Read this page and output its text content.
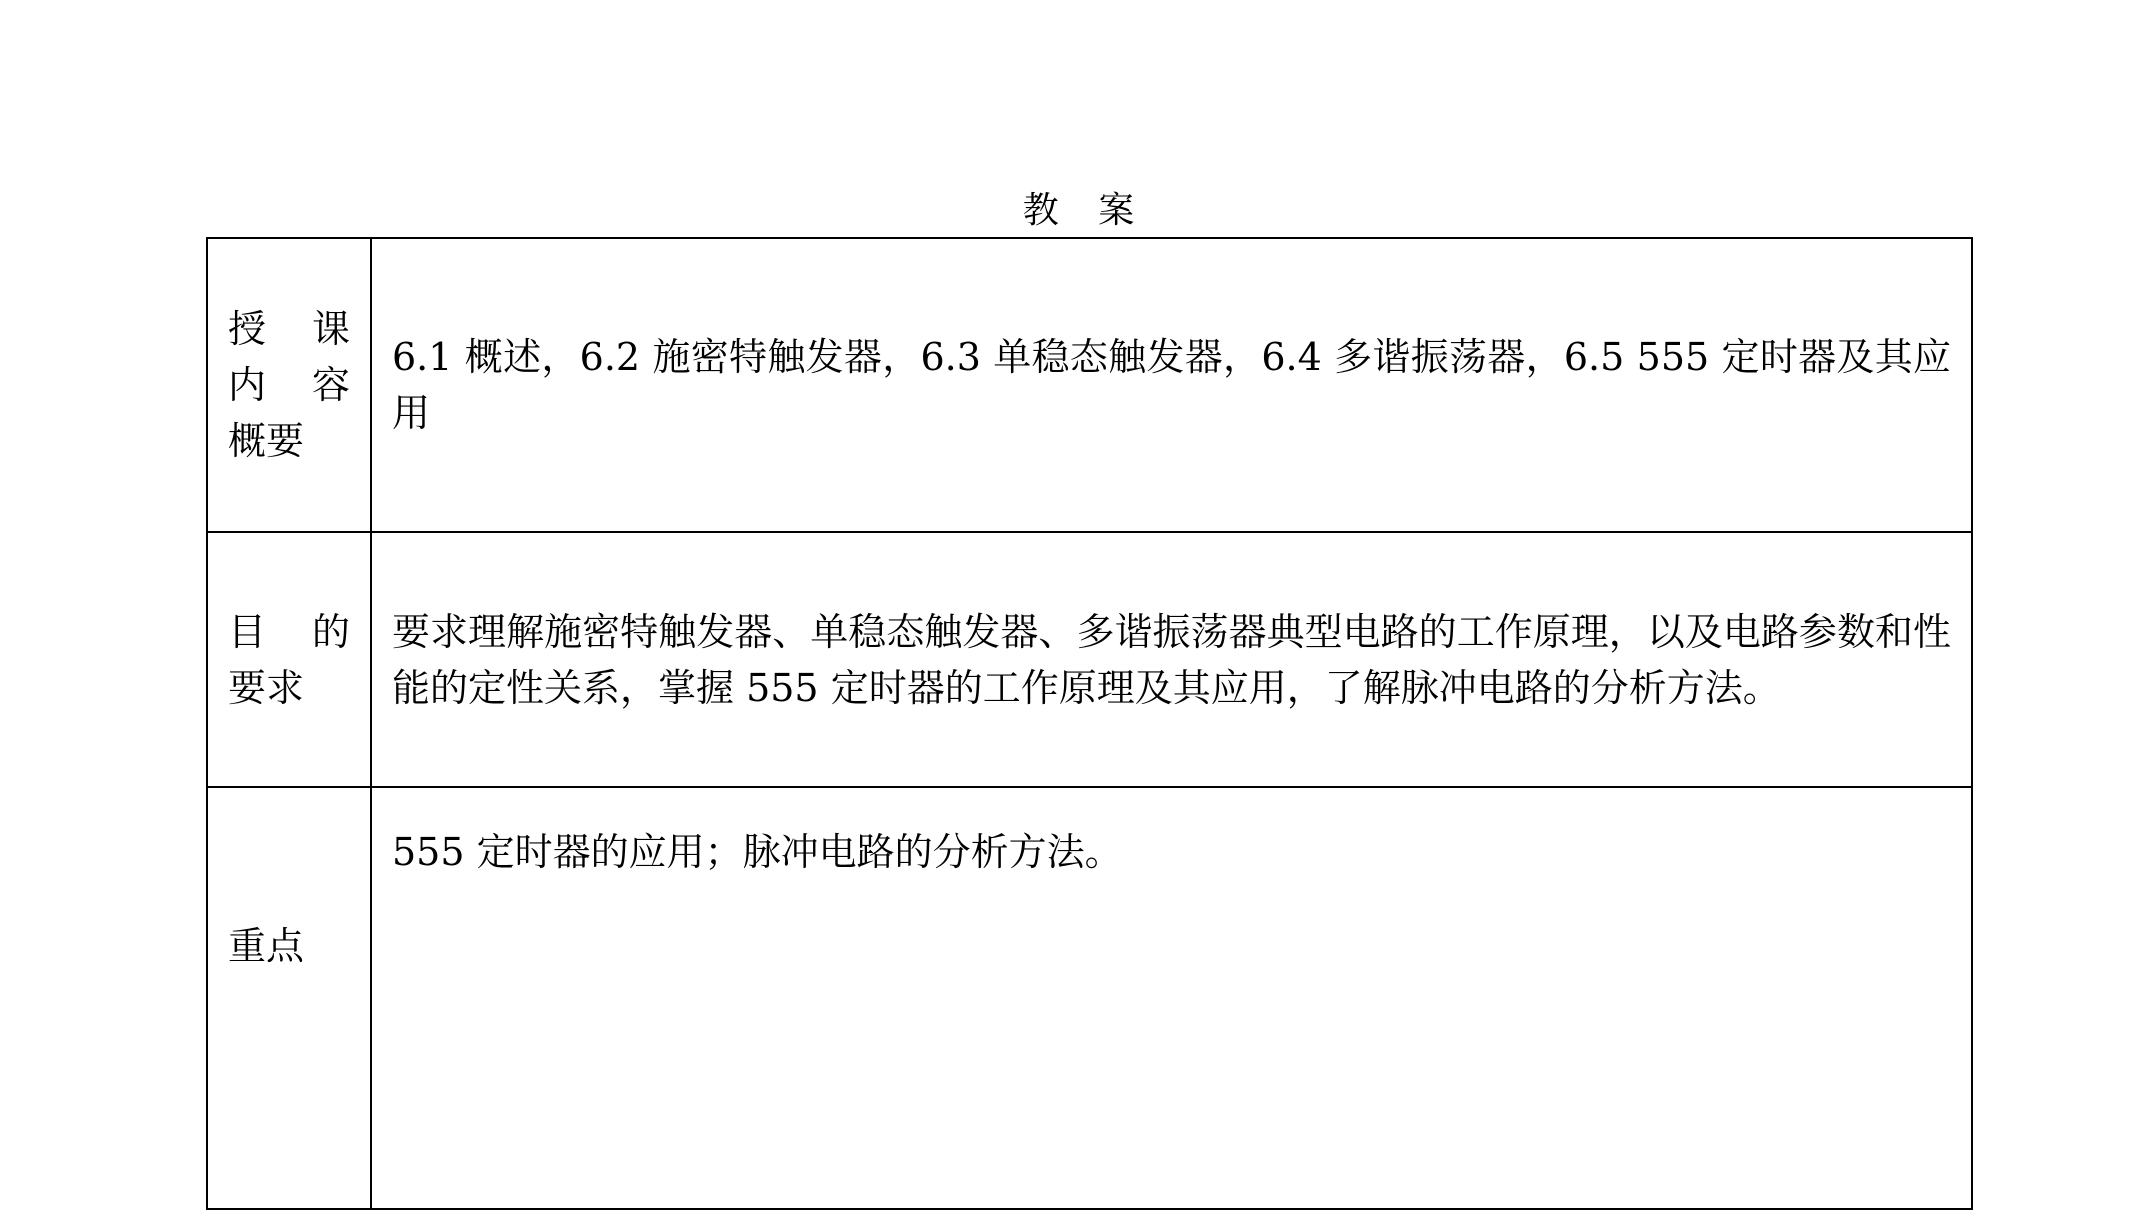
教 案
授 课
内 容
概要	6.1 概述，6.2 施密特触发器，6.3 单稳态触发器，6.4 多谐振荡器，6.5 555 定时器及其应用

目 的
要求	要求理解施密特触发器、单稳态触发器、多谐振荡器典型电路的工作原理，以及电路参数和性能的定性关系，掌握 555 定时器的工作原理及其应用，了解脉冲电路的分析方法。

重点	555 定时器的应用；脉冲电路的分析方法。
